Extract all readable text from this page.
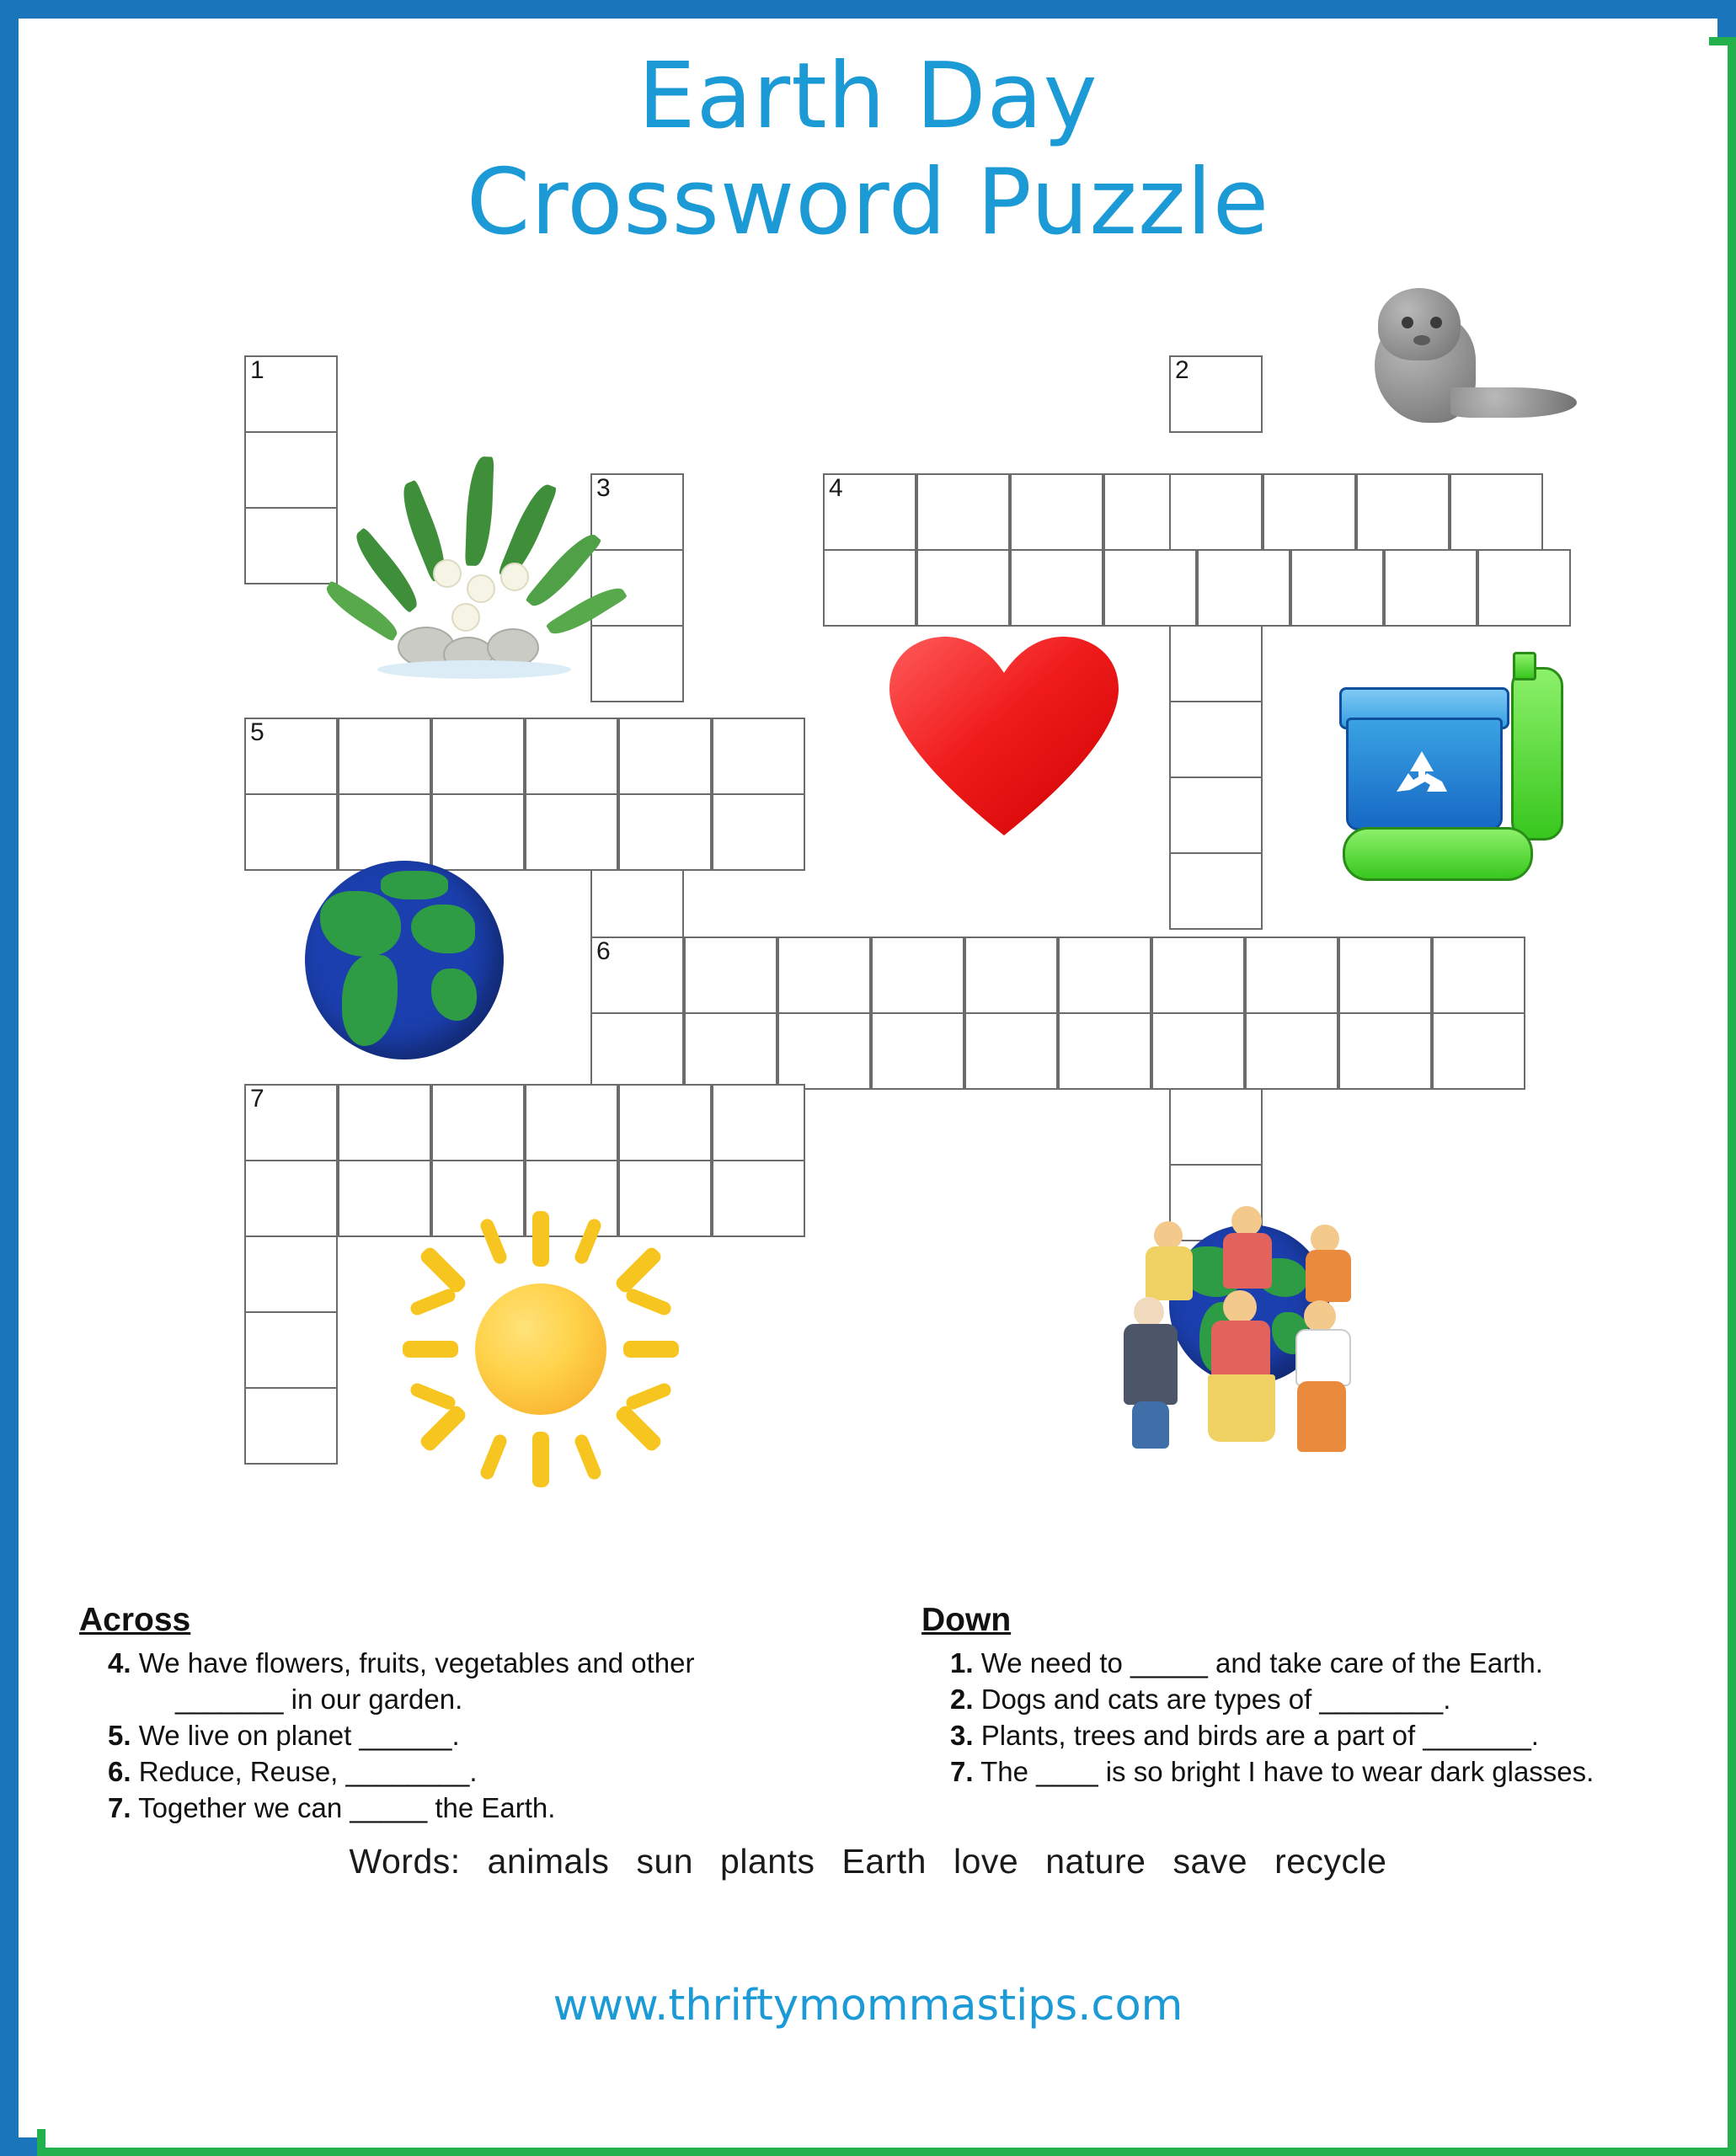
Earth Day
Crossword Puzzle
1
5
3
2
4
6
7
Across
4. We have flowers, fruits, vegetables and other
_______ in our garden.
5. We live on planet ______.
6. Reduce, Reuse, ________.
7. Together we can _____ the Earth.
Down
1. We need to _____ and take care of the Earth.
2. Dogs and cats are types of ________.
3. Plants, trees and birds are a part of _______.
7. The ____ is so bright I have to wear dark glasses.
Words: animals sun plants Earth love nature save recycle
www.thriftymommastips.com
